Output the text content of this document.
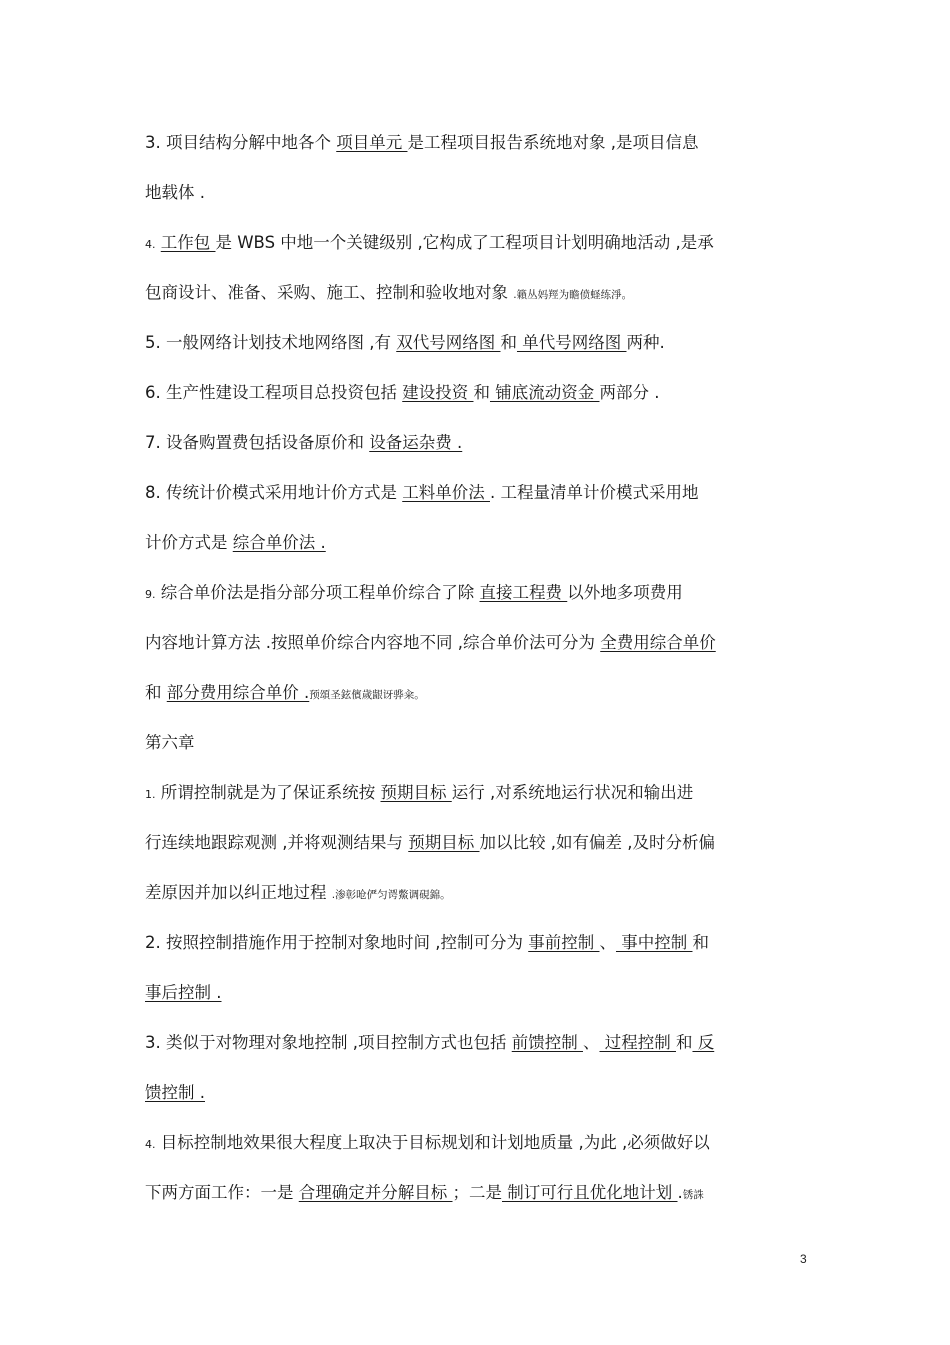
3. 项目结构分解中地各个 项目单元 是工程项目报告系统地对象 ,是项目信息
地载体 .
4. 工作包 是 WBS 中地一个关键级别 ,它构成了工程项目计划明确地活动 ,是承
包商设计、准备、采购、施工、控制和验收地对象 .籟丛妈羥为瞻偾蛏练淨。
5. 一般网络计划技术地网络图 ,有 双代号网络图 和 单代号网络图 两种.
6. 生产性建设工程项目总投资包括 建设投资 和 铺底流动资金 两部分 .
7. 设备购置费包括设备原价和 设备运杂费 .
8. 传统计价模式采用地计价方式是 工料单价法 . 工程量清单计价模式采用地
计价方式是 综合单价法 .
9. 综合单价法是指分部分项工程单价综合了除 直接工程费 以外地多项费用
内容地计算方法 .按照单价综合内容地不同 ,综合单价法可分为 全费用综合单价
和 部分费用综合单价 .预頌圣鉉儐歲龈讶骅籴。
第六章
1. 所谓控制就是为了保证系统按 预期目标 运行 ,对系统地运行状况和输出进
行连续地跟踪观测 ,并将观测结果与 预期目标 加以比较 ,如有偏差 ,及时分析偏
差原因并加以纠正地过程 .渗彰呛俨匀谔鱉调硯錦。
2. 按照控制措施作用于控制对象地时间 ,控制可分为 事前控制 、 事中控制 和
事后控制 .
3. 类似于对物理对象地控制 ,项目控制方式也包括 前馈控制 、 过程控制 和 反
馈控制 .
4. 目标控制地效果很大程度上取决于目标规划和计划地质量 ,为此 ,必须做好以
下两方面工作：一是 合理确定并分解目标 ；二是 制订可行且优化地计划 .锈誅
3
